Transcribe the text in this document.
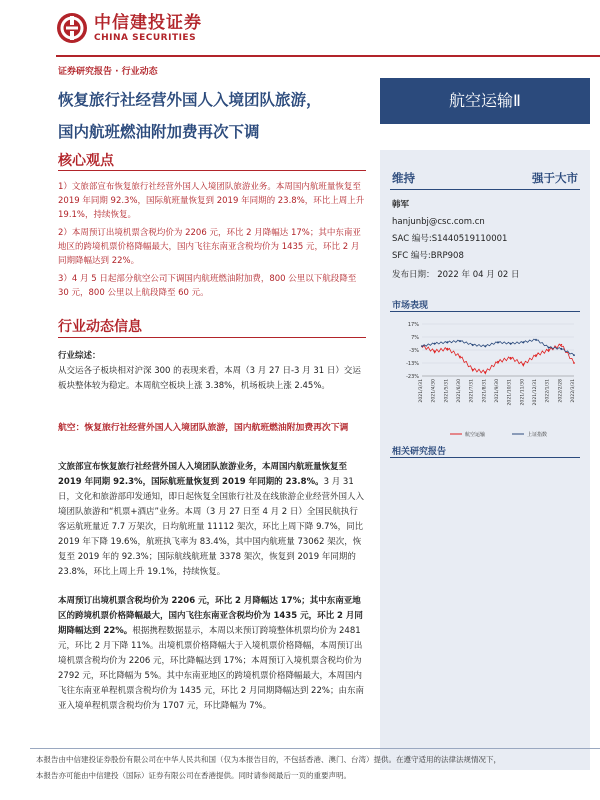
中信建投证券
CHINA SECURITIES
证券研究报告 · 行业动态
恢复旅行社经营外国人入境团队旅游，
国内航班燃油附加费再次下调
航空运输Ⅱ
核心观点

1）文旅部宣布恢复旅行社经营外国人入境团队旅游业务。本周国内航班量恢复至 2019 年同期 92.3%，国际航班量恢复到 2019 年同期的 23.8%，环比上周上升 19.1%，持续恢复。

2）本周预订出境机票含税均价为 2206 元，环比 2 月降幅达 17%；其中东南亚地区的跨境机票价格降幅最大，国内飞往东南亚含税均价为 1435 元，环比 2 月同期降幅达到 22%。

3）4 月 5 日起部分航空公司下调国内航班燃油附加费，800 公里以下航段降至 30 元，800 公里以上航段降至 60 元。

行业动态信息
行业综述：
从交运各子板块相对沪深 300 的表现来看，本周（3 月 27 日-3 月 31 日）交运板块整体较为稳定。本周航空板块上涨 3.38%，机场板块上涨 2.45%。
航空：恢复旅行社经营外国人入境团队旅游，国内航班燃油附加费再次下调
文旅部宣布恢复旅行社经营外国人入境团队旅游业务，本周国内航班量恢复至 2019 年同期 92.3%，国际航班量恢复到 2019 年同期的 23.8%。3 月 31 日，文化和旅游部印发通知，即日起恢复全国旅行社及在线旅游企业经营外国人入境团队旅游和“机票+酒店”业务。本周（3 月 27 日至 4 月 2 日）全国民航执行客运航班量近 7.7 万架次，日均航班量 11112 架次，环比上周下降 9.7%，同比 2019 年下降 19.6%，航班执飞率为 83.4%，其中国内航班量 73062 架次，恢复至 2019 年的 92.3%；国际航线航班量 3378 架次，恢复到 2019 年同期的 23.8%，环比上周上升 19.1%，持续恢复。
本周预订出境机票含税均价为 2206 元，环比 2 月降幅达 17%；其中东南亚地区的跨境机票价格降幅最大，国内飞往东南亚含税均价为 1435 元，环比 2 月同期降幅达到 22%。根据携程数据显示，本周以来预订跨境整体机票均价为 2481 元，环比 2 月下降 11%。出境机票价格降幅大于入境机票价格降幅，本周预订出境机票含税均价为 2206 元，环比降幅达到 17%；本周预订入境机票含税均价为 2792 元，环比降幅为 5%。其中东南亚地区的跨境机票价格降幅最大，本周国内飞往东南亚单程机票含税均价为 1435 元，环比 2 月同期降幅达到 22%；由东南亚入境单程机票含税均价为 1707 元，环比降幅为 7%。
维持	强于大市
韩军
hanjunbj@csc.com.cn
SAC 编号:S1440519110001
SFC 编号:BRP908
发布日期： 2022 年 04 月 02 日
市场表现
17%
7%
-3%
-13%
-23%
2021/3/31 2021/4/30 2021/5/31 2021/6/30 2021/7/31 2021/8/31 2021/9/30 2021/10/31 2021/11/30 2021/12/31 2022/1/31 2022/2/28 2022/3/31
航空运输	上证指数
相关研究报告
本报告由中信建投证券股份有限公司在中华人民共和国（仅为本报告目的，不包括香港、澳门、台湾）提供。在遵守适用的法律法规情况下，
本报告亦可能由中信建投（国际）证券有限公司在香港提供。同时请参阅最后一页的重要声明。
